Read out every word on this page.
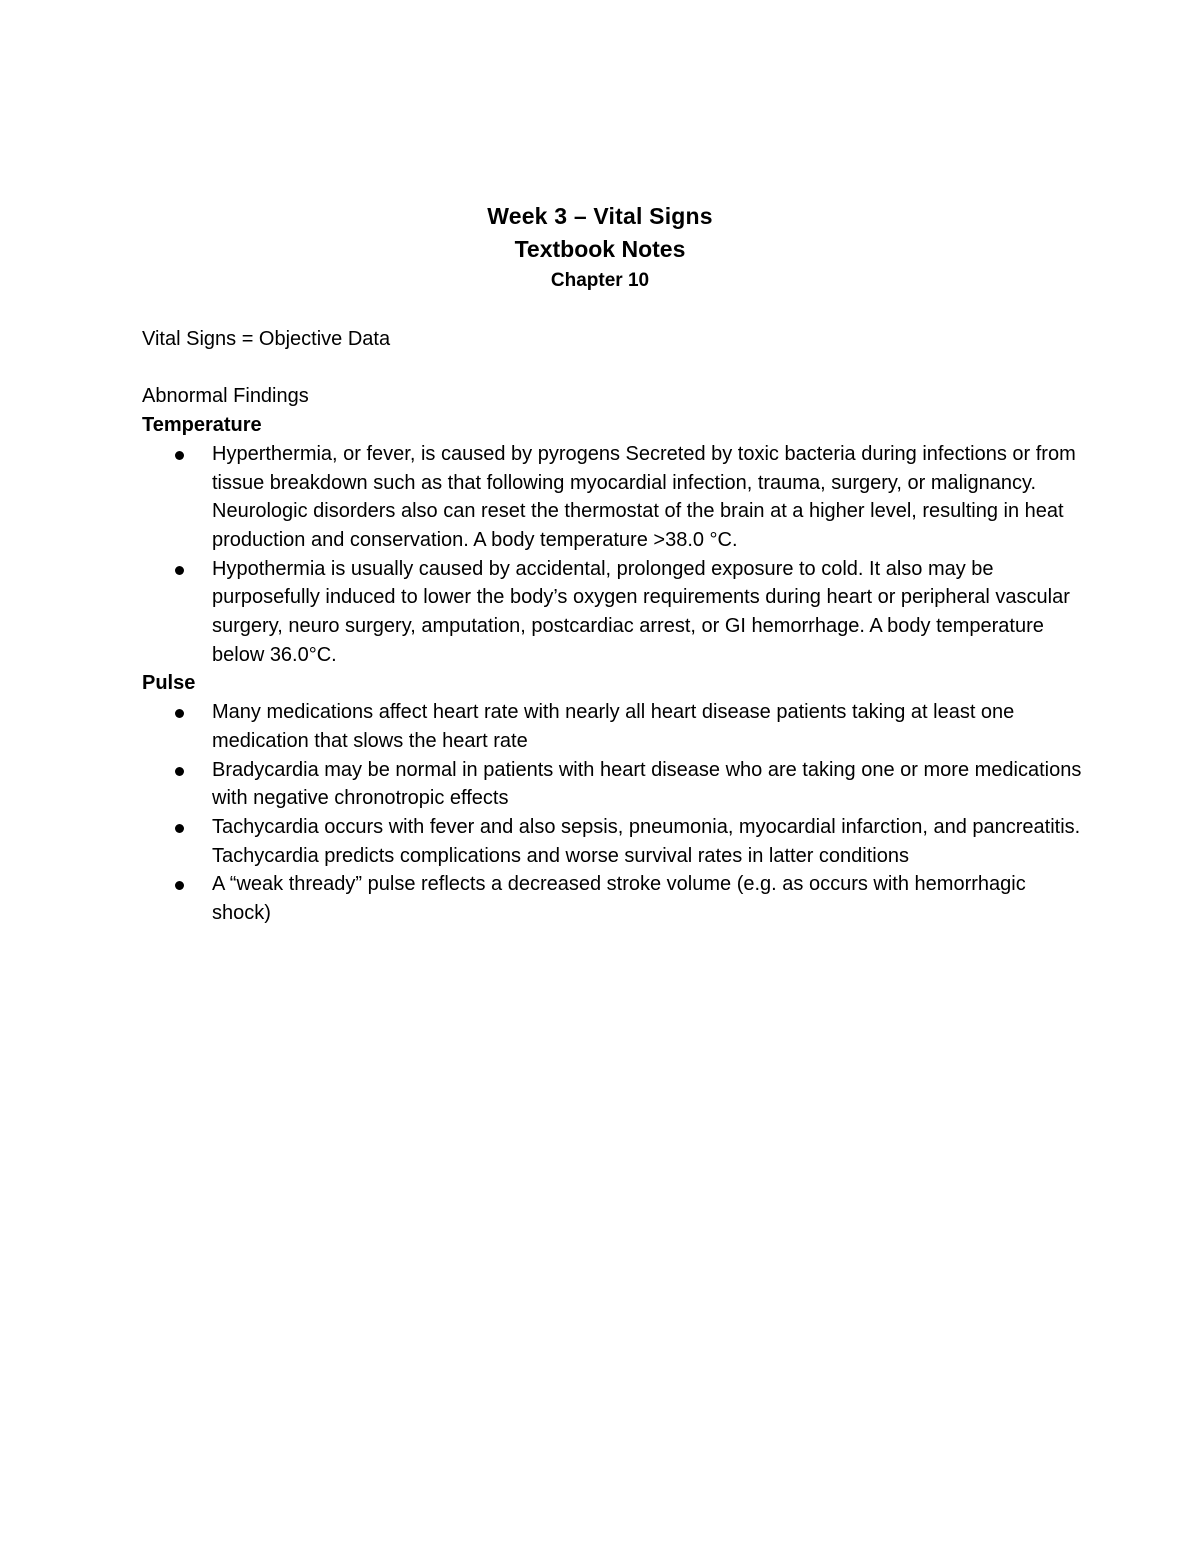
Week 3 – Vital Signs
Textbook Notes
Chapter 10

Vital Signs = Objective Data

Abnormal Findings

Temperature

Hyperthermia, or fever, is caused by pyrogens Secreted by toxic bacteria during infections or from tissue breakdown such as that following myocardial infection, trauma, surgery, or malignancy. Neurologic disorders also can reset the thermostat of the brain at a higher level, resulting in heat production and conservation. A body temperature >38.0 °C.
Hypothermia is usually caused by accidental, prolonged exposure to cold. It also may be purposefully induced to lower the body’s oxygen requirements during heart or peripheral vascular surgery, neuro surgery, amputation, postcardiac arrest, or GI hemorrhage. A body temperature below 36.0°C.

Pulse

Many medications affect heart rate with nearly all heart disease patients taking at least one medication that slows the heart rate
Bradycardia may be normal in patients with heart disease who are taking one or more medications with negative chronotropic effects
Tachycardia occurs with fever and also sepsis, pneumonia, myocardial infarction, and pancreatitis. Tachycardia predicts complications and worse survival rates in latter conditions
A “weak thready” pulse reflects a decreased stroke volume (e.g. as occurs with hemorrhagic shock)
